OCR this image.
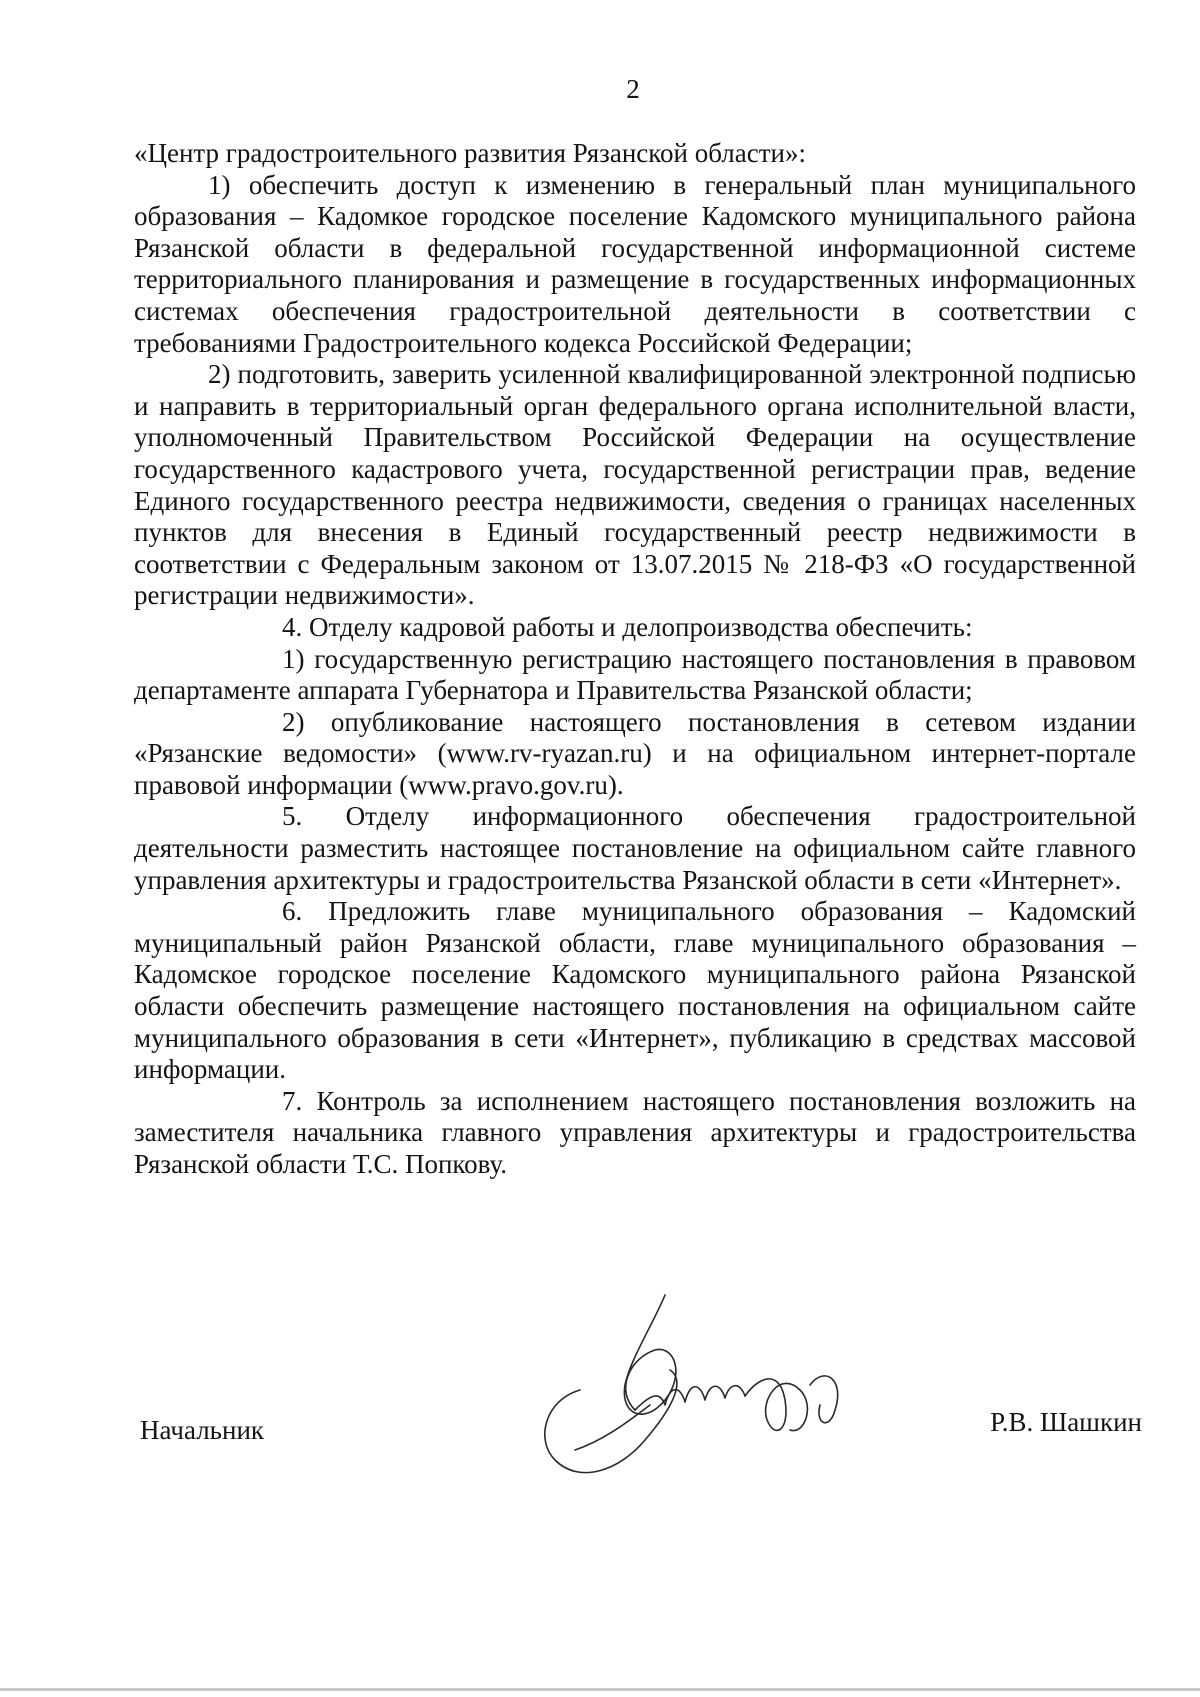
2

«Центр градостроительного развития Рязанской области»:

1) обеспечить доступ к изменению в генеральный план муниципального образования – Кадомкое городское поселение Кадомского муниципального района Рязанской области в федеральной государственной информационной системе территориального планирования и размещение в государственных информационных системах обеспечения градостроительной деятельности в соответствии с требованиями Градостроительного кодекса Российской Федерации;

2) подготовить, заверить усиленной квалифицированной электронной подписью и направить в территориальный орган федерального органа исполнительной власти, уполномоченный Правительством Российской Федерации на осуществление государственного кадастрового учета, государственной регистрации прав, ведение Единого государственного реестра недвижимости, сведения о границах населенных пунктов для внесения в Единый государственный реестр недвижимости в соответствии с Федеральным законом от 13.07.2015 № 218-ФЗ «О государственной регистрации недвижимости».

4. Отделу кадровой работы и делопроизводства обеспечить:

1) государственную регистрацию настоящего постановления в правовом департаменте аппарата Губернатора и Правительства Рязанской области;

2) опубликование настоящего постановления в сетевом издании «Рязанские ведомости» (www.rv-ryazan.ru) и на официальном интернет-портале правовой информации (www.pravo.gov.ru).

5. Отделу информационного обеспечения градостроительной деятельности разместить настоящее постановление на официальном сайте главного управления архитектуры и градостроительства Рязанской области в сети «Интернет».

6. Предложить главе муниципального образования – Кадомский муниципальный район Рязанской области, главе муниципального образования – Кадомское городское поселение Кадомского муниципального района Рязанской области обеспечить размещение настоящего постановления на официальном сайте муниципального образования в сети «Интернет», публикацию в средствах массовой информации.

7. Контроль за исполнением настоящего постановления возложить на заместителя начальника главного управления архитектуры и градостроительства Рязанской области Т.С. Попкову.

Начальник	Р.В. Шашкин
